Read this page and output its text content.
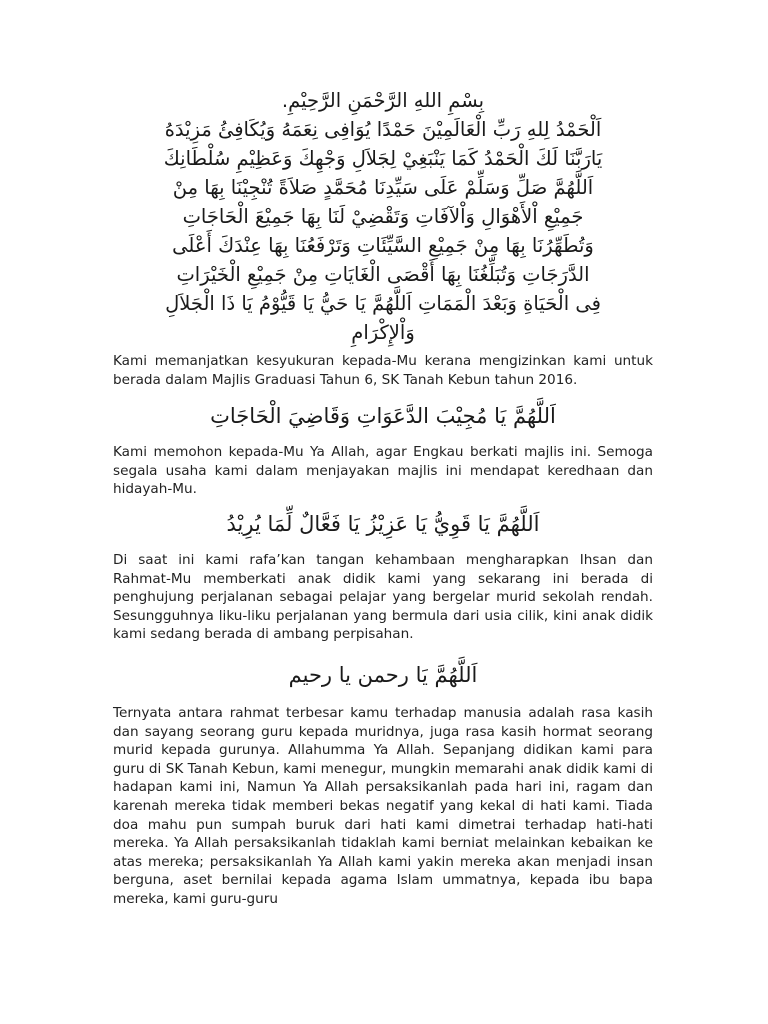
بِسْمِ اللهِ الرَّحْمَنِ الرَّحِيْمِ.
اَلْحَمْدُ لِلهِ رَبِّ الْعَالَمِيْنَ حَمْدًا يُوَافِى نِعَمَهُ وَيُكَافِئُ مَزِيْدَهُ
يَارَبَّنَا لَكَ الْحَمْدُ كَمَا يَنْبَغِيْ لِجَلاَلِ وَجْهِكَ وَعَظِيْمِ سُلْطَانِكَ
اَللَّهُمَّ صَلِّ وَسَلِّمْ عَلَى سَيِّدِنَا مُحَمَّدٍ صَلاَةً تُنْجِيْنَا بِهَا مِنْ
جَمِيْعِ اْلأَهْوَالِ وَاْلآفَاتِ وَتَقْضِيْ لَنَا بِهَا جَمِيْعَ الْحَاجَاتِ
وَتُطَهِّرُنَا بِهَا مِنْ جَمِيْعِ السَّيِّئَاتِ وَتَرْفَعُنَا بِهَا عِنْدَكَ أَعْلَى
الدَّرَجَاتِ وَتُبَلِّغُنَا بِهَا أَقْصَى الْغَايَاتِ مِنْ جَمِيْعِ الْخَيْرَاتِ
فِى الْحَيَاةِ وَبَعْدَ الْمَمَاتِ اَللَّهُمَّ يَا حَيُّ يَا قَيُّوْمُ يَا ذَا الْجَلاَلِ
وَاْلإِكْرَامِ

Kami memanjatkan kesyukuran kepada-Mu kerana mengizinkan kami untuk berada dalam Majlis Graduasi Tahun 6, SK Tanah Kebun tahun 2016.

اَللَّهُمَّ يَا مُجِيْبَ الدَّعَوَاتِ وَقَاضِيَ الْحَاجَاتِ

Kami memohon kepada-Mu Ya Allah, agar Engkau berkati majlis ini. Semoga segala usaha kami dalam menjayakan majlis ini mendapat keredhaan dan hidayah-Mu.

اَللَّهُمَّ يَا قَوِيُّ يَا عَزِيْزُ يَا فَعَّالٌ لِّمَا يُرِيْدُ

Di saat ini kami rafa’kan tangan kehambaan mengharapkan Ihsan dan Rahmat-Mu memberkati anak didik kami yang sekarang ini berada di penghujung perjalanan sebagai pelajar yang bergelar murid sekolah rendah. Sesungguhnya liku-liku perjalanan yang bermula dari usia cilik, kini anak didik kami sedang berada di ambang perpisahan.

اَللَّهُمَّ يَا رحمن يا رحيم

Ternyata antara rahmat terbesar kamu terhadap manusia adalah rasa kasih dan sayang seorang guru kepada muridnya, juga rasa kasih hormat seorang murid kepada gurunya. Allahumma Ya Allah. Sepanjang didikan kami para guru di SK Tanah Kebun, kami menegur, mungkin memarahi anak didik kami di hadapan kami ini, Namun Ya Allah persaksikanlah pada hari ini, ragam dan karenah mereka tidak memberi bekas negatif yang kekal di hati kami. Tiada doa mahu pun sumpah buruk dari hati kami dimetrai terhadap hati-hati mereka. Ya Allah persaksikanlah tidaklah kami berniat melainkan kebaikan ke atas mereka; persaksikanlah Ya Allah kami yakin mereka akan menjadi insan berguna, aset bernilai kepada agama Islam ummatnya, kepada ibu bapa mereka, kami guru-guru
